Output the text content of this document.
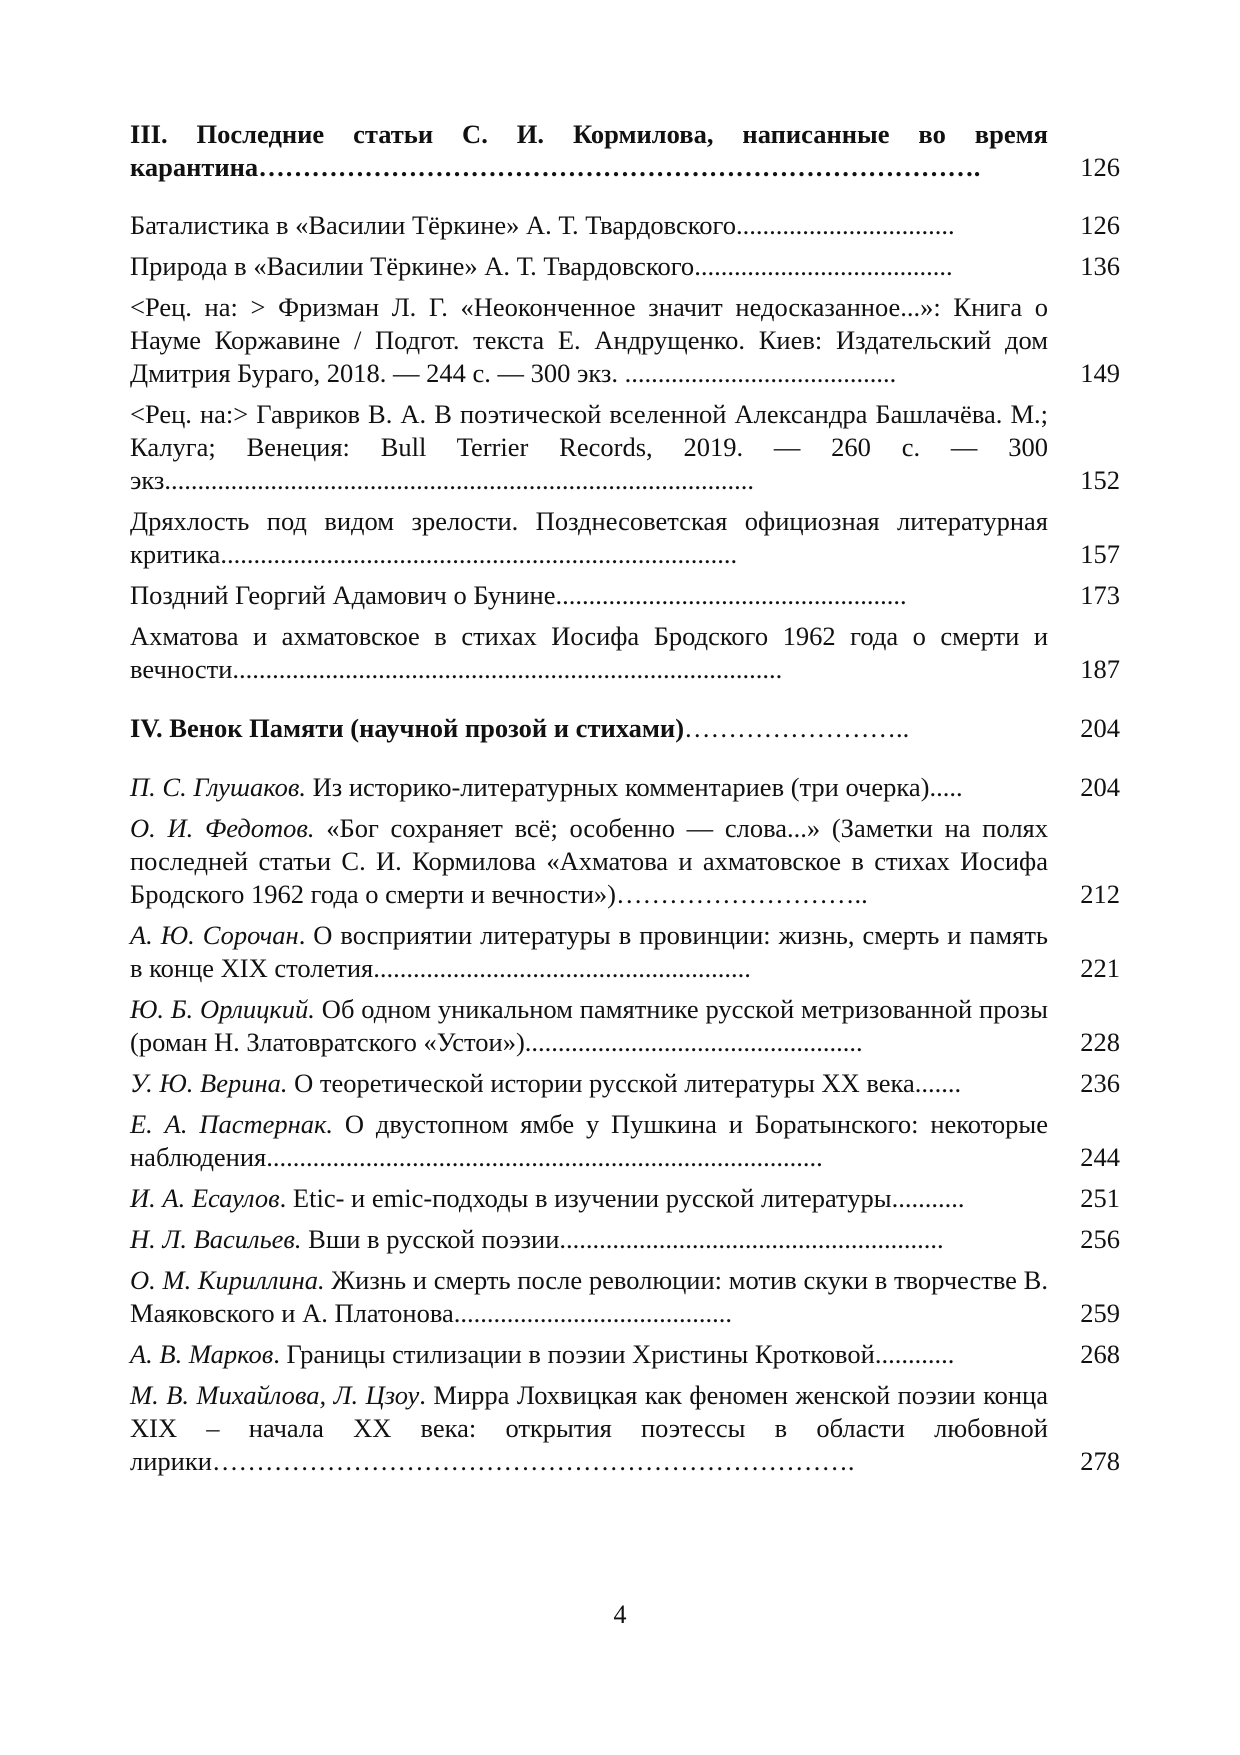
III. Последние статьи С. И. Кормилова, написанные во время карантина……………………………………………………………………….	126
Баталистика в «Василии Тёркине» А. Т. Твардовского.................................	126
Природа в «Василии Тёркине» А. Т. Твардовского.......................................	136
<Рец. на: > Фризман Л. Г. «Неоконченное значит недосказанное...»: Книга о Науме Коржавине / Подгот. текста Е. Андрущенко. Киев: Издательский дом Дмитрия Бураго, 2018. — 244 с. — 300 экз. .........................................	149
<Рец. на:> Гавриков В. А. В поэтической вселенной Александра Башлачёва. М.; Калуга; Венеция: Bull Terrier Records, 2019. — 260 с. — 300 экз.........................................................................................	152
Дряхлость под видом зрелости. Позднесоветская официозная литературная критика..............................................................................	157
Поздний Георгий Адамович о Бунине.....................................................	173
Ахматова и ахматовское в стихах Иосифа Бродского 1962 года о смерти и вечности...................................................................................	187
IV. Венок Памяти (научной прозой и стихами)……………………..	204
П. С. Глушаков. Из историко-литературных комментариев (три очерка).....	204
О. И. Федотов. «Бог сохраняет всё; особенно — слова...» (Заметки на полях последней статьи С. И. Кормилова «Ахматова и ахматовское в стихах Иосифа Бродского 1962 года о смерти и вечности»)………………………..	212
А. Ю. Сорочан. О восприятии литературы в провинции: жизнь, смерть и память в конце XIX столетия.........................................................	221
Ю. Б. Орлицкий. Об одном уникальном памятнике русской метризованной прозы (роман Н. Златовратского «Устои»)...................................................	228
У. Ю. Верина. О теоретической истории русской литературы XX века.......	236
Е. А. Пастернак. О двустопном ямбе у Пушкина и Боратынского: некоторые наблюдения....................................................................................	244
И. А. Есаулов. Etic- и emic-подходы в изучении русской литературы...........	251
Н. Л. Васильев. Вши в русской поэзии..........................................................	256
О. М. Кириллина. Жизнь и смерть после революции: мотив скуки в творчестве В. Маяковского и А. Платонова..........................................	259
А. В. Марков. Границы стилизации в поэзии Христины Кротковой............	268
М. В. Михайлова, Л. Цзоу. Мирра Лохвицкая как феномен женской поэзии конца XIX – начала XX века: открытия поэтессы в области любовной лирики……………………………………………………………….	278
4
